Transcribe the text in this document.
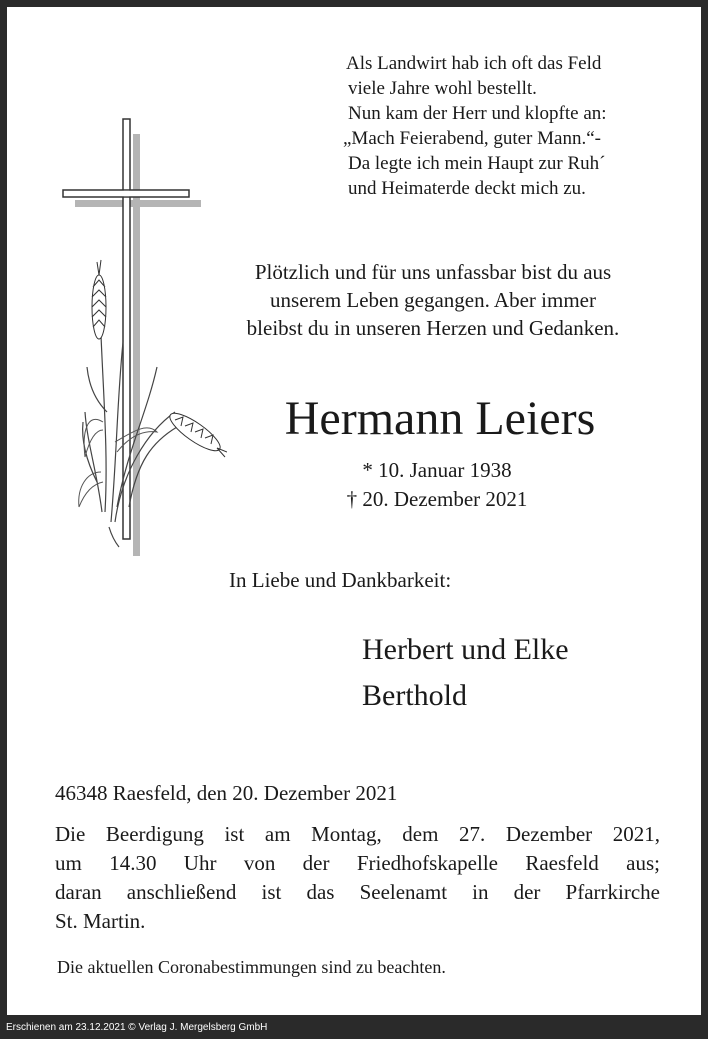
Als Landwirt hab ich oft das Feld
viele Jahre wohl bestellt.
Nun kam der Herr und klopfte an:
„Mach Feierabend, guter Mann.“-
Da legte ich mein Haupt zur Ruh´
und Heimaterde deckt mich zu.
Plötzlich und für uns unfassbar bist du aus
unserem Leben gegangen. Aber immer
bleibst du in unseren Herzen und Gedanken.
Hermann Leiers
* 10. Januar 1938
† 20. Dezember 2021
In Liebe und Dankbarkeit:
Herbert und Elke
Berthold
46348 Raesfeld, den 20. Dezember 2021
Die Beerdigung ist am Montag, dem 27. Dezember 2021,
um 14.30 Uhr von der Friedhofskapelle Raesfeld aus;
daran anschließend ist das Seelenamt in der Pfarrkirche
St. Martin.
Die aktuellen Coronabestimmungen sind zu beachten.
Erschienen am 23.12.2021 © Verlag J. Mergelsberg GmbH
